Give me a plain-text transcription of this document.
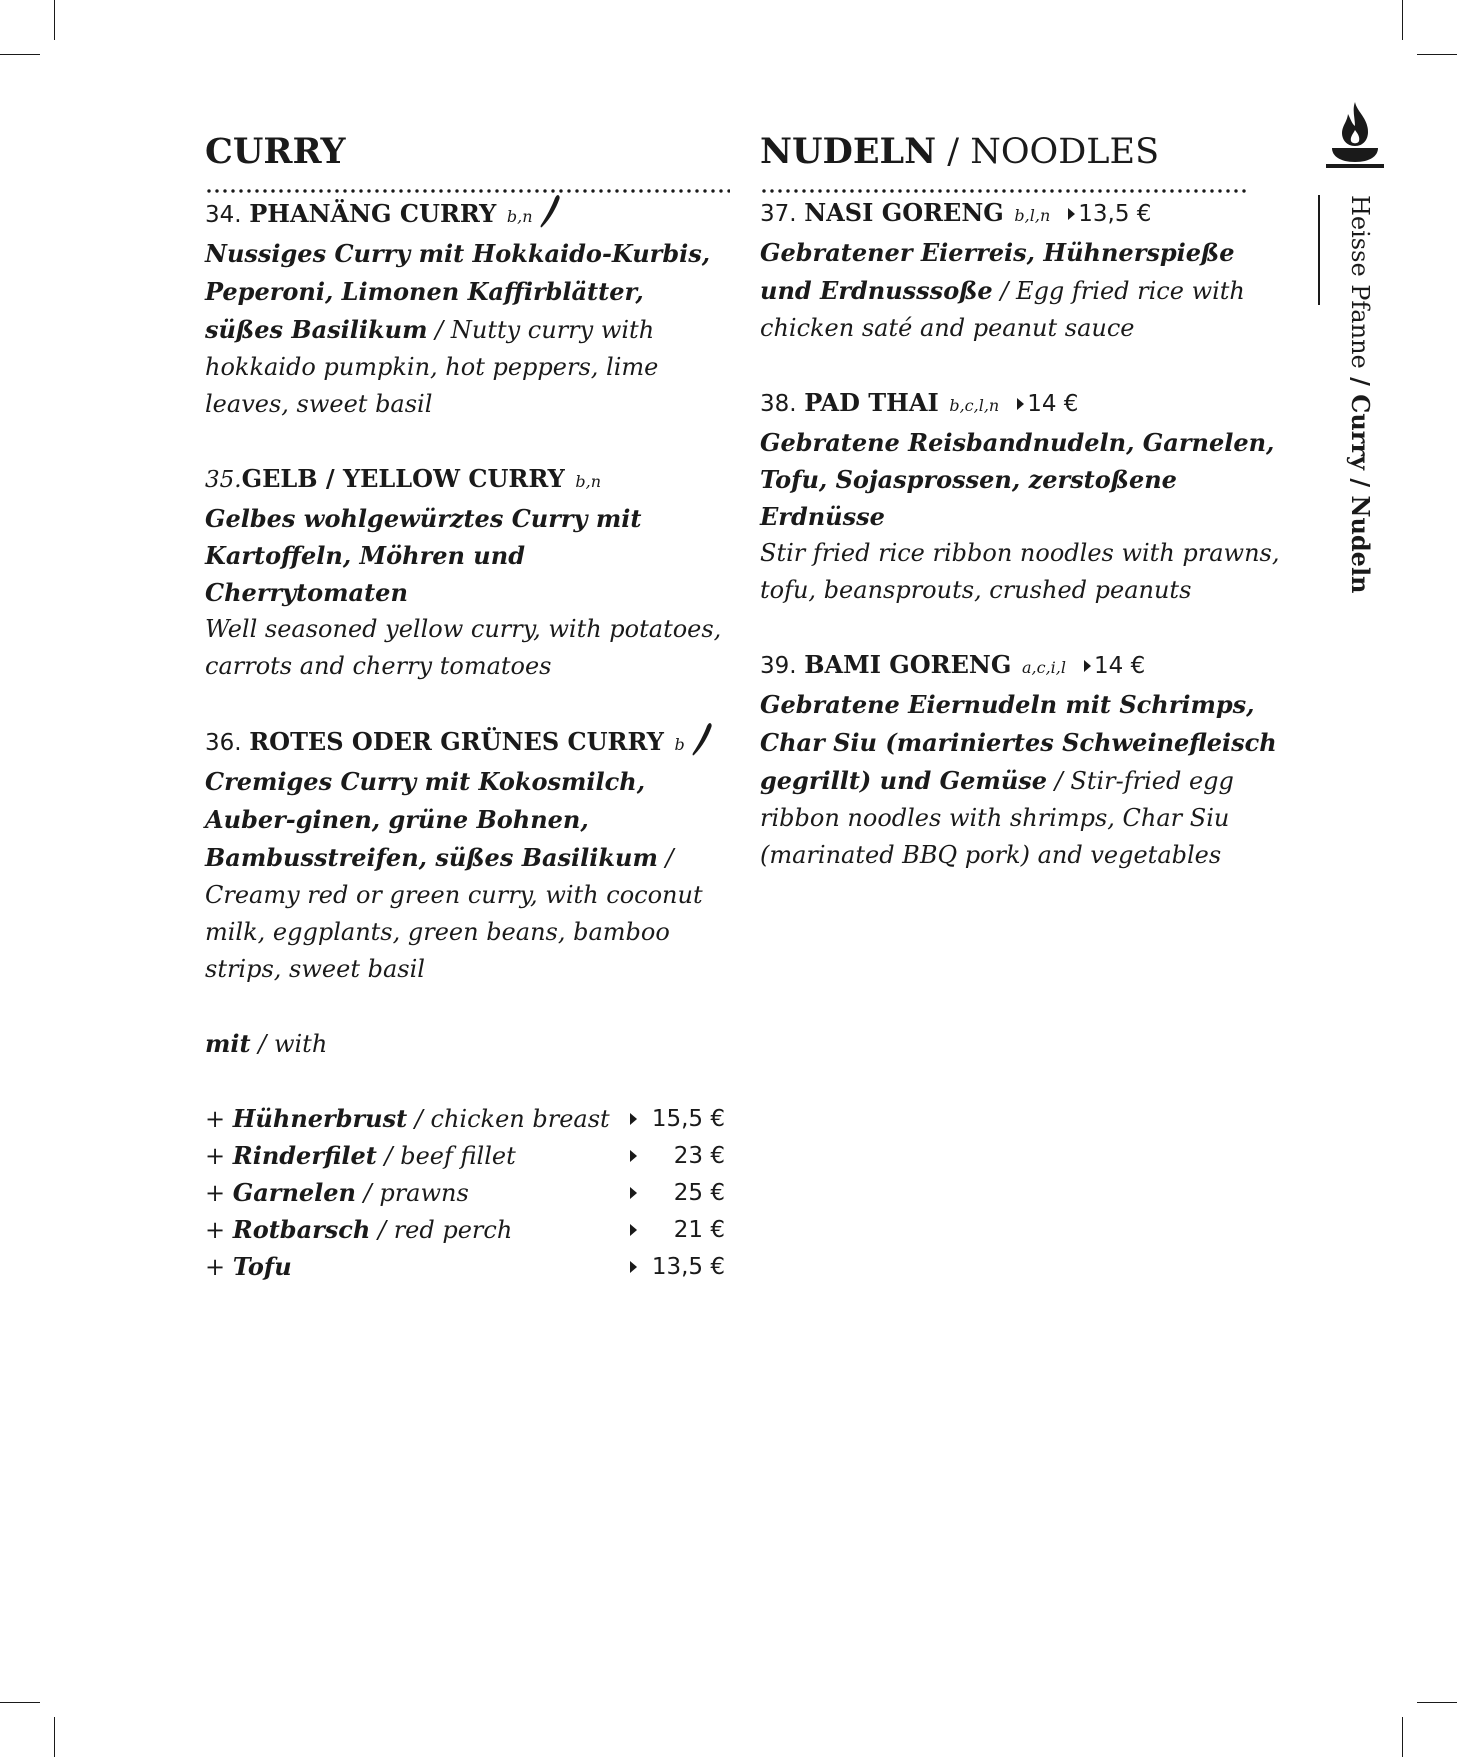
CURRY
34. PHANÄNG CURRY b,n
Nussiges Curry mit Hokkaido-Kurbis, Peperoni, Limonen Kaffirblätter, süßes Basilikum / Nutty curry with hokkaido pumpkin, hot peppers, lime leaves, sweet basil
35.GELB / YELLOW CURRY b,n
Gelbes wohlgewürztes Curry mit Kartoffeln, Möhren und Cherrytomaten
Well seasoned yellow curry, with potatoes, carrots and cherry tomatoes
36. ROTES ODER GRÜNES CURRY b
Cremiges Curry mit Kokosmilch, Auber-ginen, grüne Bohnen, Bambusstreifen, süßes Basilikum / Creamy red or green curry, with coconut milk, eggplants, green beans, bamboo strips, sweet basil
mit / with
+ Hühnerbrust / chicken breast	15,5 €
+ Rinderfilet / beef fillet	23 €
+ Garnelen / prawns	25 €
+ Rotbarsch / red perch	21 €
+ Tofu	13,5 €
NUDELN / NOODLES
37. NASI GORENG b,l,n 13,5 €
Gebratener Eierreis, Hühnerspieße und Erdnusssoße / Egg fried rice with chicken saté and peanut sauce
38. PAD THAI b,c,l,n 14 €
Gebratene Reisbandnudeln, Garnelen, Tofu, Sojasprossen, zerstoßene Erdnüsse
Stir fried rice ribbon noodles with prawns, tofu, beansprouts, crushed peanuts
39. BAMI GORENG a,c,i,l 14 €
Gebratene Eiernudeln mit Schrimps, Char Siu (mariniertes Schweinefleisch gegrillt) und Gemüse / Stir-fried egg ribbon noodles with shrimps, Char Siu (marinated BBQ pork) and vegetables
Heisse Pfanne / Curry / Nudeln
